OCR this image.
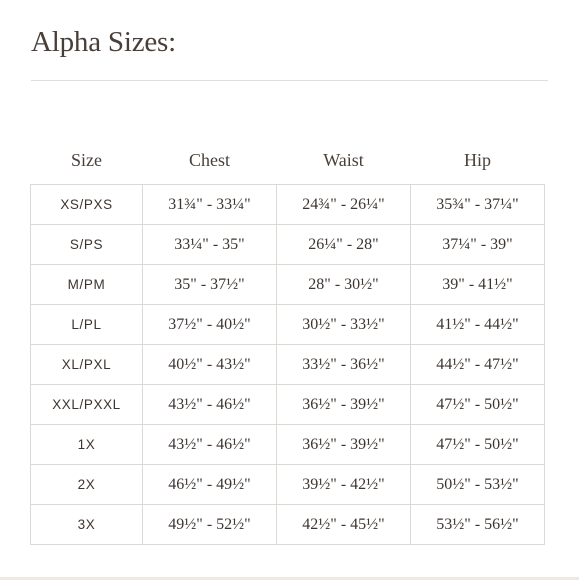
Alpha Sizes:
Size	Chest	Waist	Hip
XS/PXS	31¾" - 33¼"	24¾" - 26¼"	35¾" - 37¼"
S/PS	33¼" - 35"	26¼" - 28"	37¼" - 39"
M/PM	35" - 37½"	28" - 30½"	39" - 41½"
L/PL	37½" - 40½"	30½" - 33½"	41½" - 44½"
XL/PXL	40½" - 43½"	33½" - 36½"	44½" - 47½"
XXL/PXXL	43½" - 46½"	36½" - 39½"	47½" - 50½"
1X	43½" - 46½"	36½" - 39½"	47½" - 50½"
2X	46½" - 49½"	39½" - 42½"	50½" - 53½"
3X	49½" - 52½"	42½" - 45½"	53½" - 56½"
